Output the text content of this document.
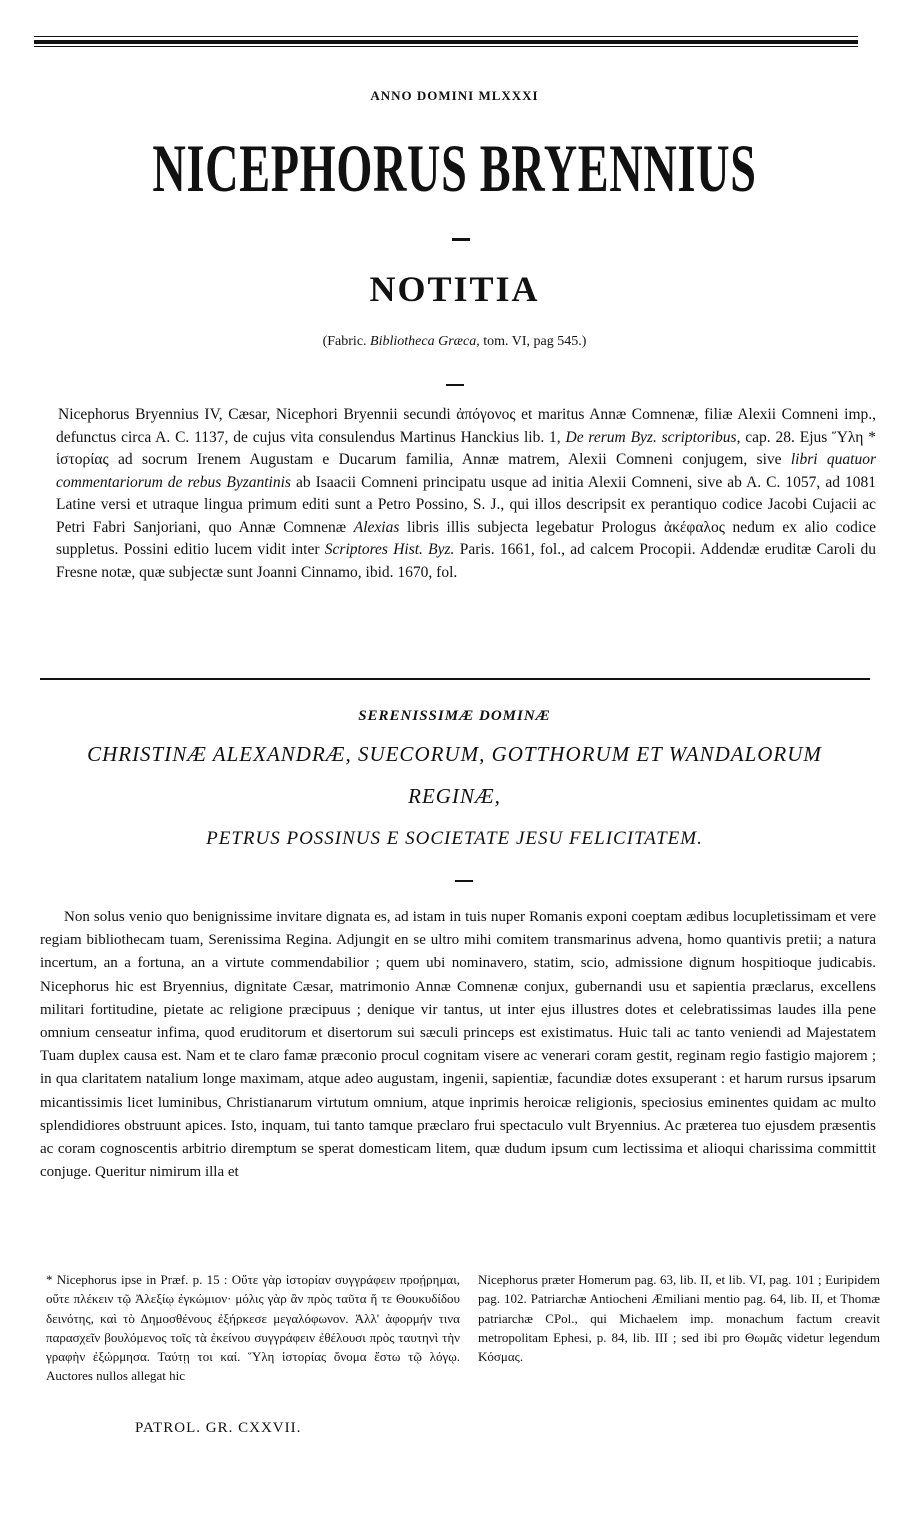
ANNO DOMINI MLXXXI
NICEPHORUS BRYENNIUS
NOTITIA
(Fabric. Bibliotheca Græca, tom. VI, pag 545.)
Nicephorus Bryennius IV, Cæsar, Nicephori Bryennii secundi ἀπόγονος et maritus Annæ Comnenæ, filiæ Alexii Comneni imp., defunctus circa A. C. 1137, de cujus vita consulendus Martinus Hanckius lib. 1, De rerum Byz. scriptoribus, cap. 28. Ejus Ὕλη * ἱστορίας ad socrum Irenem Augustam e Ducarum familia, Annæ matrem, Alexii Comneni conjugem, sive libri quatuor commentariorum de rebus Byzantinis ab Isaacii Comneni principatu usque ad initia Alexii Comneni, sive ab A. C. 1057, ad 1081 Latine versi et utraque lingua primum editi sunt a Petro Possino, S. J., qui illos descripsit ex perantiquo codice Jacobi Cujacii ac Petri Fabri Sanjoriani, quo Annæ Comnenæ Alexias libris illis subjecta legebatur Prologus ἀκέφαλος nedum ex alio codice suppletus. Possini editio lucem vidit inter Scriptores Hist. Byz. Paris. 1661, fol., ad calcem Procopii. Addendæ eruditæ Caroli du Fresne notæ, quæ subjectæ sunt Joanni Cinnamo, ibid. 1670, fol.
SERENISSIMÆ DOMINÆ
CHRISTINÆ ALEXANDRÆ, SUECORUM, GOTTHORUM ET WANDALORUM
REGINÆ,
PETRUS POSSINUS E SOCIETATE JESU FELICITATEM.
Non solus venio quo benignissime invitare dignata es, ad istam in tuis nuper Romanis exponi coeptam ædibus locupletissimam et vere regiam bibliothecam tuam, Serenissima Regina. Adjungit en se ultro mihi comitem transmarinus advena, homo quantivis pretii; a natura incertum, an a fortuna, an a virtute commendabilior ; quem ubi nominavero, statim, scio, admissione dignum hospitioque judicabis. Nicephorus hic est Bryennius, dignitate Cæsar, matrimonio Annæ Comnenæ conjux, gubernandi usu et sapientia præclarus, excellens militari fortitudine, pietate ac religione præcipuus ; denique vir tantus, ut inter ejus illustres dotes et celebratissimas laudes illa pene omnium censeatur infima, quod eruditorum et disertorum sui sæculi princeps est existimatus. Huic tali ac tanto veniendi ad Majestatem Tuam duplex causa est. Nam et te claro famæ præconio procul cognitam visere ac venerari coram gestit, reginam regio fastigio majorem ; in qua claritatem natalium longe maximam, atque adeo augustam, ingenii, sapientiæ, facundiæ dotes exsuperant : et harum rursus ipsarum micantissimis licet luminibus, Christianarum virtutum omnium, atque inprimis heroicæ religionis, speciosius eminentes quidam ac multo splendidiores obstruunt apices. Isto, inquam, tui tanto tamque præclaro frui spectaculo vult Bryennius. Ac præterea tuo ejusdem præsentis ac coram cognoscentis arbitrio diremptum se sperat domesticam litem, quæ dudum ipsum cum lectissima et alioqui charissima committit conjuge. Queritur nimirum illa et
* Nicephorus ipse in Præf. p. 15 : Οὔτε γὰρ ἱστορίαν συγγράφειν προῄρημαι, οὔτε πλέκειν τῷ Ἀλεξίῳ ἐγκώμιον· μόλις γὰρ ἂν πρὸς ταῦτα ἥ τε Θουκυδίδου δεινότης, καὶ τὸ Δημοσθένους ἐξήρκεσε μεγαλόφωνον. Ἀλλ' ἀφορμήν τινα παρασχεῖν βουλόμενος τοῖς τὰ ἐκείνου συγγράφειν ἐθέλουσι πρὸς ταυτηνὶ τὴν γραφὴν ἐξώρμησα. Ταύτῃ τοι καί. Ὕλη ἱστορίας ὄνομα ἔστω τῷ λόγῳ. Auctores nullos allegat hic
Nicephorus præter Homerum pag. 63, lib. II, et lib. VI, pag. 101 ; Euripidem pag. 102. Patriarchæ Antiocheni Æmiliani mentio pag. 64, lib. II, et Thomæ patriarchæ CPol., qui Michaelem imp. monachum factum creavit metropolitam Ephesi, p. 84, lib. III ; sed ibi pro Θωμᾶς videtur legendum Κόσμας.
PATROL. GR. CXXVII.
